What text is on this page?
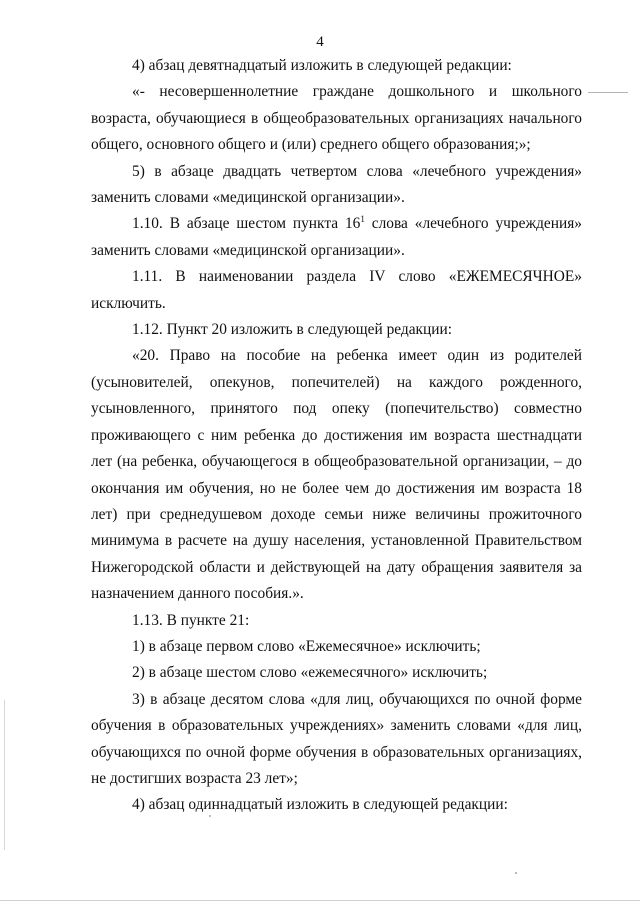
4

4) абзац девятнадцатый изложить в следующей редакции:

«- несовершеннолетние граждане дошкольного и школьного возраста, обучающиеся в общеобразовательных организациях начального общего, основного общего и (или) среднего общего образования;»;

5) в абзаце двадцать четвертом слова «лечебного учреждения» заменить словами «медицинской организации».

1.10. В абзаце шестом пункта $16^1$ слова «лечебного учреждения» заменить словами «медицинской организации».

1.11. В наименовании раздела IV слово «ЕЖЕМЕСЯЧНОЕ» исключить.

1.12. Пункт 20 изложить в следующей редакции:

«20. Право на пособие на ребенка имеет один из родителей (усыновителей, опекунов, попечителей) на каждого рожденного, усыновленного, принятого под опеку (попечительство) совместно проживающего с ним ребенка до достижения им возраста шестнадцати лет (на ребенка, обучающегося в общеобразовательной организации, – до окончания им обучения, но не более чем до достижения им возраста 18 лет) при среднедушевом доходе семьи ниже величины прожиточного минимума в расчете на душу населения, установленной Правительством Нижегородской области и действующей на дату обращения заявителя за назначением данного пособия.».

1.13. В пункте 21:

1) в абзаце первом слово «Ежемесячное» исключить;

2) в абзаце шестом слово «ежемесячного» исключить;

3) в абзаце десятом слова «для лиц, обучающихся по очной форме обучения в образовательных учреждениях» заменить словами «для лиц, обучающихся по очной форме обучения в образовательных организациях, не достигших возраста 23 лет»;

4) абзац одиннадцатый изложить в следующей редакции:
